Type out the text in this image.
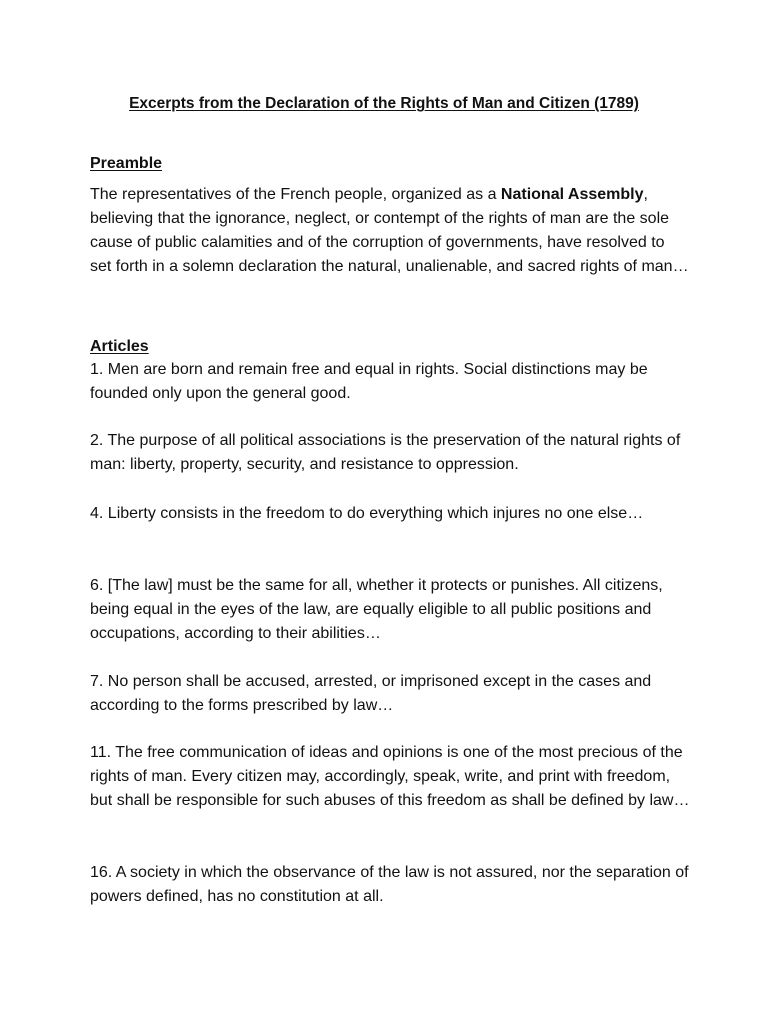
Excerpts from the Declaration of the Rights of Man and Citizen (1789)
Preamble

The representatives of the French people, organized as a National Assembly, believing that the ignorance, neglect, or contempt of the rights of man are the sole cause of public calamities and of the corruption of governments, have resolved to set forth in a solemn declaration the natural, unalienable, and sacred rights of man…

Articles

1. Men are born and remain free and equal in rights. Social distinctions may be founded only upon the general good.

2. The purpose of all political associations is the preservation of the natural rights of man: liberty, property, security, and resistance to oppression.

4. Liberty consists in the freedom to do everything which injures no one else…

6. [The law] must be the same for all, whether it protects or punishes. All citizens, being equal in the eyes of the law, are equally eligible to all public positions and occupations, according to their abilities…

7. No person shall be accused, arrested, or imprisoned except in the cases and according to the forms prescribed by law…

11. The free communication of ideas and opinions is one of the most precious of the rights of man. Every citizen may, accordingly, speak, write, and print with freedom, but shall be responsible for such abuses of this freedom as shall be defined by law…

16. A society in which the observance of the law is not assured, nor the separation of powers defined, has no constitution at all.
